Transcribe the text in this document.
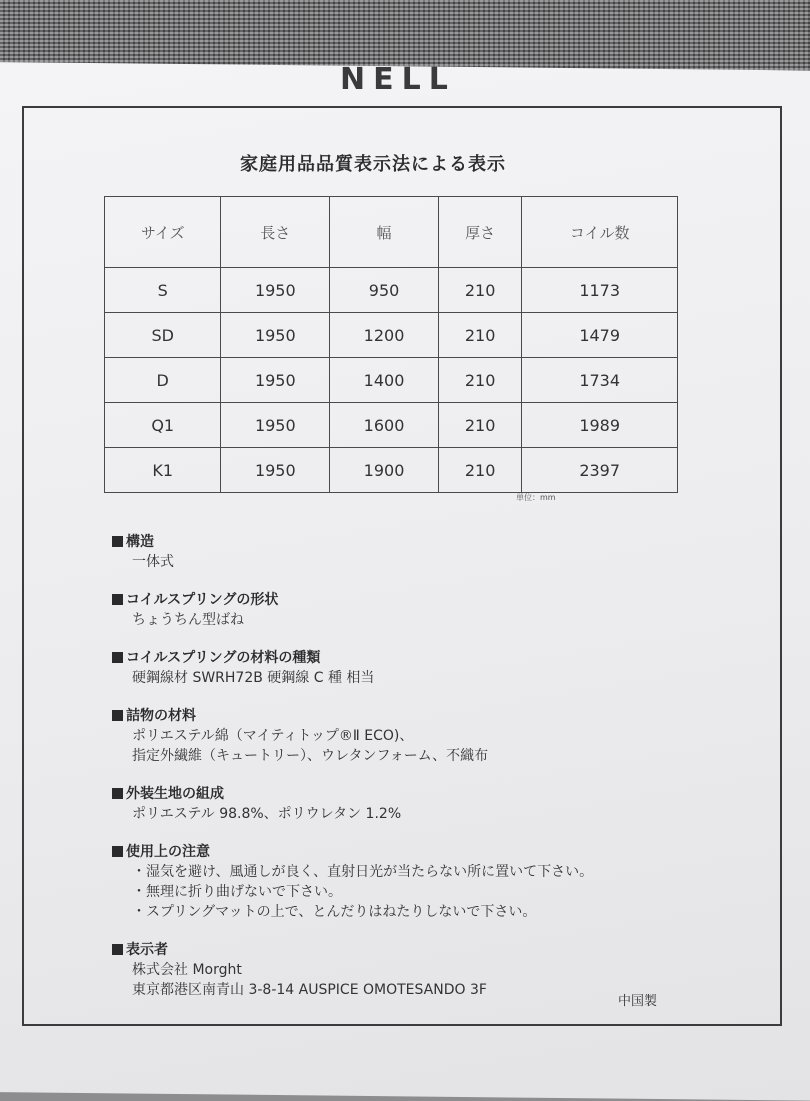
NELL
家庭用品品質表示法による表示
サイズ	長さ	幅	厚さ	コイル数
S	1950	950	210	1173
SD	1950	1200	210	1479
D	1950	1400	210	1734
Q1	1950	1600	210	1989
K1	1950	1900	210	2397
単位：mm
構造
一体式
コイルスプリングの形状
ちょうちん型ばね
コイルスプリングの材料の種類
硬鋼線材 SWRH72B 硬鋼線 C 種 相当
詰物の材料
ポリエステル綿（マイティトップ®Ⅱ ECO)、
指定外繊維（キュートリー）、ウレタンフォーム、不織布
外装生地の組成
ポリエステル 98.8%、ポリウレタン 1.2%
使用上の注意
・湿気を避け、風通しが良く、直射日光が当たらない所に置いて下さい。
・無理に折り曲げないで下さい。
・スプリングマットの上で、とんだりはねたりしないで下さい。
表示者
株式会社 Morght
東京都港区南青山 3-8-14 AUSPICE OMOTESANDO 3F
中国製
